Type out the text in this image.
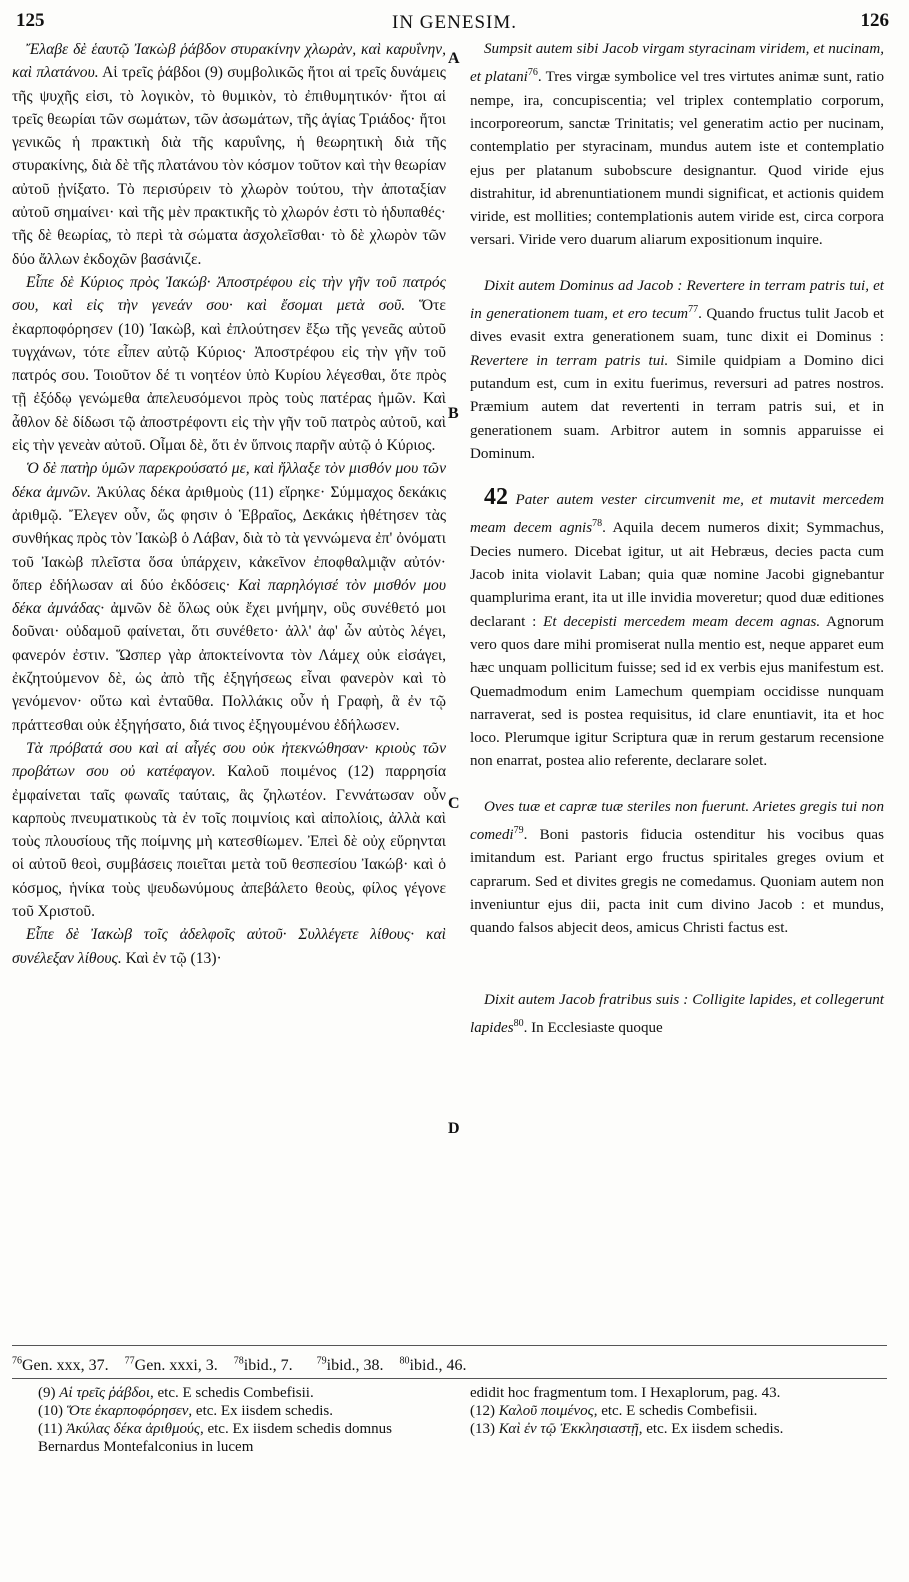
125	IN GENESIM.	126
A
B
C
D

Ἔλαβε δὲ ἑαυτῷ Ἰακὼβ ῥάβδον στυρακίνην χλωρὰν, καὶ καρυΐνην, καὶ πλατάνου. Αἱ τρεῖς ῥάβδοι (9) συμβολικῶς ἤτοι αἱ τρεῖς δυνάμεις τῆς ψυχῆς εἰσι, τὸ λογικὸν, τὸ θυμικὸν, τὸ ἐπιθυμητικόν· ἤτοι αἱ τρεῖς θεωρίαι τῶν σωμάτων, τῶν ἀσωμάτων, τῆς ἁγίας Τριάδος· ἤτοι γενικῶς ἡ πρακτικὴ διὰ τῆς καρυΐνης, ἡ θεωρητικὴ διὰ τῆς στυρακίνης, διὰ δὲ τῆς πλατάνου τὸν κόσμον τοῦτον καὶ τὴν θεωρίαν αὐτοῦ ᾐνίξατο. Τὸ περισύρειν τὸ χλωρὸν τούτου, τὴν ἀποταξίαν αὐτοῦ σημαίνει· καὶ τῆς μὲν πρακτικῆς τὸ χλωρόν ἐστι τὸ ἡδυπαθές· τῆς δὲ θεωρίας, τὸ περὶ τὰ σώματα ἀσχολεῖσθαι· τὸ δὲ χλωρὸν τῶν δύο ἄλλων ἐκδοχῶν βασάνιζε.

Εἶπε δὲ Κύριος πρὸς Ἰακώβ· Ἀποστρέφου εἰς τὴν γῆν τοῦ πατρός σου, καὶ εἰς τὴν γενεάν σου· καὶ ἔσομαι μετὰ σοῦ. Ὅτε ἐκαρποφόρησεν (10) Ἰακὼβ, καὶ ἐπλούτησεν ἔξω τῆς γενεᾶς αὐτοῦ τυγχάνων, τότε εἶπεν αὐτῷ Κύριος· Ἀποστρέφου εἰς τὴν γῆν τοῦ πατρός σου. Τοιοῦτον δέ τι νοητέον ὑπὸ Κυρίου λέγεσθαι, ὅτε πρὸς τῇ ἐξόδῳ γενώμεθα ἀπελευσόμενοι πρὸς τοὺς πατέρας ἡμῶν. Καὶ ἆθλον δὲ δίδωσι τῷ ἀποστρέφοντι εἰς τὴν γῆν τοῦ πατρὸς αὐτοῦ, καὶ εἰς τὴν γενεὰν αὐτοῦ. Οἶμαι δὲ, ὅτι ἐν ὕπνοις παρῆν αὐτῷ ὁ Κύριος.

Ὁ δὲ πατὴρ ὑμῶν παρεκρούσατό με, καὶ ἤλλαξε τὸν μισθόν μου τῶν δέκα ἀμνῶν. Ἀκύλας δέκα ἀριθμοὺς (11) εἴρηκε· Σύμμαχος δεκάκις ἀριθμῷ. Ἔλεγεν οὖν, ὥς φησιν ὁ Ἑβραῖος, Δεκάκις ἠθέτησεν τὰς συνθήκας πρὸς τὸν Ἰακὼβ ὁ Λάβαν, διὰ τὸ τὰ γεννώμενα ἐπ' ὀνόματι τοῦ Ἰακὼβ πλεῖστα ὅσα ὑπάρχειν, κἀκεῖνον ἐποφθαλμιᾷν αὐτόν· ὅπερ ἐδήλωσαν αἱ δύο ἐκδόσεις· Καὶ παρηλόγισέ τὸν μισθόν μου δέκα ἀμνάδας· ἀμνῶν δὲ ὅλως οὐκ ἔχει μνήμην, οὓς συνέθετό μοι δοῦναι· οὐδαμοῦ φαίνεται, ὅτι συνέθετο· ἀλλ' ἀφ' ὧν αὐτὸς λέγει, φανερόν ἐστιν. Ὥσπερ γὰρ ἀποκτείνοντα τὸν Λάμεχ οὐκ εἰσάγει, ἐκζητούμενον δὲ, ὡς ἀπὸ τῆς ἐξηγήσεως εἶναι φανερὸν καὶ τὸ γενόμενον· οὕτω καὶ ἐνταῦθα. Πολλάκις οὖν ἡ Γραφὴ, ἃ ἐν τῷ πράττεσθαι οὐκ ἐξηγήσατο, διά τινος ἐξηγουμένου ἐδήλωσεν.

Τὰ πρόβατά σου καὶ αἱ αἶγές σου οὐκ ἠτεκνώθησαν· κριοὺς τῶν προβάτων σου οὐ κατέφαγον. Καλοῦ ποιμένος (12) παρρησία ἐμφαίνεται ταῖς φωναῖς ταύταις, ἃς ζηλωτέον. Γεννάτωσαν οὖν καρποὺς πνευματικοὺς τὰ ἐν τοῖς ποιμνίοις καὶ αἰπολίοις, ἀλλὰ καὶ τοὺς πλουσίους τῆς ποίμνης μὴ κατεσθίωμεν. Ἐπεὶ δὲ οὐχ εὕρηνται οἱ αὐτοῦ θεοὶ, συμβάσεις ποιεῖται μετὰ τοῦ θεσπεσίου Ἰακώβ· καὶ ὁ κόσμος, ἡνίκα τοὺς ψευδωνύμους ἀπεβάλετο θεοὺς, φίλος γέγονε τοῦ Χριστοῦ.

Εἶπε δὲ Ἰακὼβ τοῖς ἀδελφοῖς αὐτοῦ· Συλλέγετε λίθους· καὶ συνέλεξαν λίθους. Καὶ ἐν τῷ (13)·

Sumpsit autem sibi Jacob virgam styracinam viridem, et nucinam, et platani$^{76}$. Tres virgæ symbolice vel tres virtutes animæ sunt, ratio nempe, ira, concupiscentia; vel triplex contemplatio corporum, incorporeorum, sanctæ Trinitatis; vel generatim actio per nucinam, contemplatio per styracinam, mundus autem iste et contemplatio ejus per platanum subobscure designantur. Quod viride ejus distrahitur, id abrenuntiationem mundi significat, et actionis quidem viride, est mollities; contemplationis autem viride est, circa corpora versari. Viride vero duarum aliarum expositionum inquire.

Dixit autem Dominus ad Jacob : Revertere in terram patris tui, et in generationem tuam, et ero tecum$^{77}$. Quando fructus tulit Jacob et dives evasit extra generationem suam, tunc dixit ei Dominus : Revertere in terram patris tui. Simile quidpiam a Domino dici putandum est, cum in exitu fuerimus, reversuri ad patres nostros. Præmium autem dat revertenti in terram patris sui, et in generationem suam. Arbitror autem in somnis apparuisse ei Dominum.

42 Pater autem vester circumvenit me, et mutavit mercedem meam decem agnis$^{78}$. Aquila decem numeros dixit; Symmachus, Decies numero. Dicebat igitur, ut ait Hebræus, decies pacta cum Jacob inita violavit Laban; quia quæ nomine Jacobi gignebantur quamplurima erant, ita ut ille invidia moveretur; quod duæ editiones declarant : Et decepisti mercedem meam decem agnas. Agnorum vero quos dare mihi promiserat nulla mentio est, neque apparet eum hæc unquam pollicitum fuisse; sed id ex verbis ejus manifestum est. Quemadmodum enim Lamechum quempiam occidisse nunquam narraverat, sed is postea requisitus, id clare enuntiavit, ita et hoc loco. Plerumque igitur Scriptura quæ in rerum gestarum recensione non enarrat, postea alio referente, declarare solet.

Oves tuæ et capræ tuæ steriles non fuerunt. Arietes gregis tui non comedi$^{79}$. Boni pastoris fiducia ostenditur his vocibus quas imitandum est. Pariant ergo fructus spiritales greges ovium et caprarum. Sed et divites gregis ne comedamus. Quoniam autem non inveniuntur ejus dii, pacta init cum divino Jacob : et mundus, quando falsos abjecit deos, amicus Christi factus est.

Dixit autem Jacob fratribus suis : Colligite lapides, et collegerunt lapides$^{80}$. In Ecclesiaste quoque

$^{76}$Gen. xxx, 37. $^{77}$Gen. xxxi, 3. $^{78}$ibid., 7. $^{79}$ibid., 38. $^{80}$ibid., 46.

(9) Αἱ τρεῖς ῥάβδοι, etc. E schedis Combefisii.

(10) Ὅτε ἐκαρποφόρησεν, etc. Ex iisdem schedis.

(11) Ἀκύλας δέκα ἀριθμούς, etc. Ex iisdem schedis domnus Bernardus Montefalconius in lucem

edidit hoc fragmentum tom. I Hexaplorum, pag. 43.

(12) Καλοῦ ποιμένος, etc. E schedis Combefisii.

(13) Καὶ ἐν τῷ Ἐκκλησιαστῇ, etc. Ex iisdem schedis.
